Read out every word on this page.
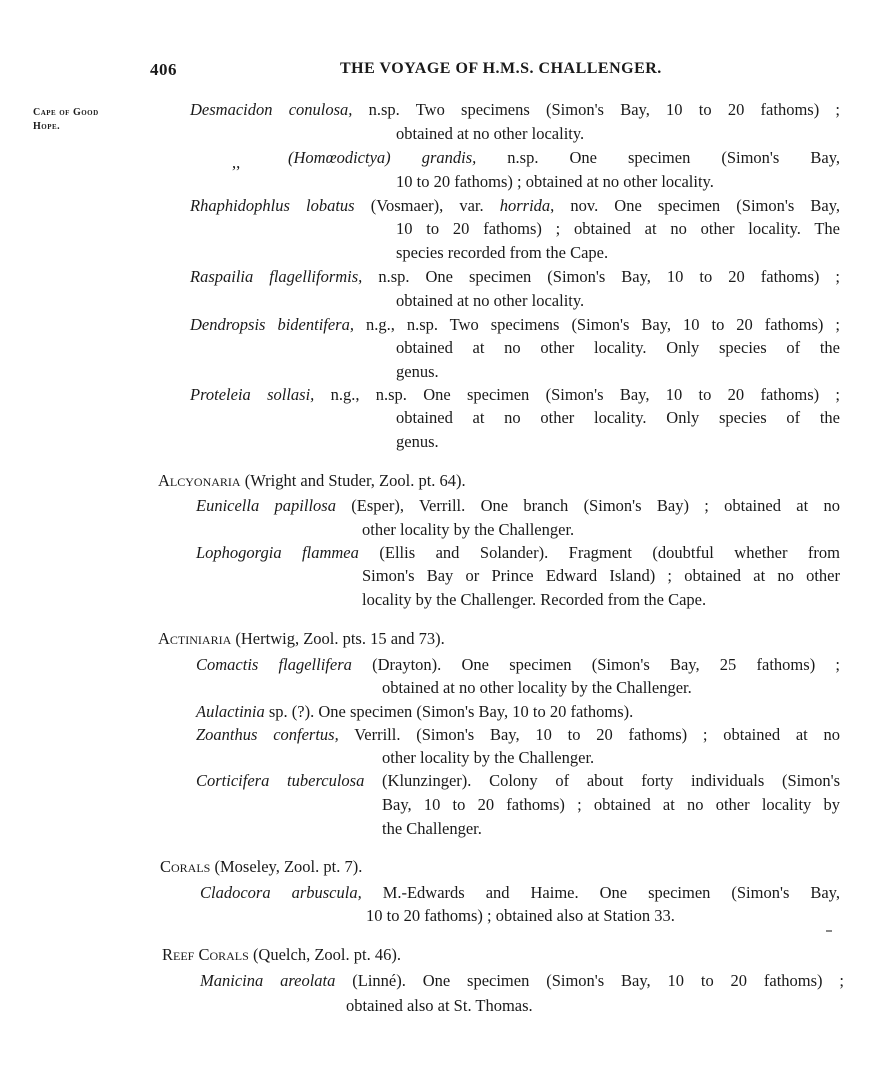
406	THE VOYAGE OF H.M.S. CHALLENGER.
Cape of Good
Hope.
Desmacidon conulosa, n.sp. Two specimens (Simon's Bay, 10 to 20 fathoms) ;
obtained at no other locality.
,,	(Homœodictya) grandis, n.sp. One specimen (Simon's Bay,
10 to 20 fathoms) ; obtained at no other locality.
Rhaphidophlus lobatus (Vosmaer), var. horrida, nov. One specimen (Simon's Bay,
10 to 20 fathoms) ; obtained at no other locality. The
species recorded from the Cape.
Raspailia flagelliformis, n.sp. One specimen (Simon's Bay, 10 to 20 fathoms) ;
obtained at no other locality.
Dendropsis bidentifera, n.g., n.sp. Two specimens (Simon's Bay, 10 to 20 fathoms) ;
obtained at no other locality. Only species of the
genus.
Proteleia sollasi, n.g., n.sp. One specimen (Simon's Bay, 10 to 20 fathoms) ;
obtained at no other locality. Only species of the
genus.
Alcyonaria (Wright and Studer, Zool. pt. 64).
Eunicella papillosa (Esper), Verrill. One branch (Simon's Bay) ; obtained at no
other locality by the Challenger.
Lophogorgia flammea (Ellis and Solander). Fragment (doubtful whether from
Simon's Bay or Prince Edward Island) ; obtained at no other
locality by the Challenger. Recorded from the Cape.
Actiniaria (Hertwig, Zool. pts. 15 and 73).
Comactis flagellifera (Drayton). One specimen (Simon's Bay, 25 fathoms) ;
obtained at no other locality by the Challenger.
Aulactinia sp. (?). One specimen (Simon's Bay, 10 to 20 fathoms).
Zoanthus confertus, Verrill. (Simon's Bay, 10 to 20 fathoms) ; obtained at no
other locality by the Challenger.
Corticifera tuberculosa (Klunzinger). Colony of about forty individuals (Simon's
Bay, 10 to 20 fathoms) ; obtained at no other locality by
the Challenger.
Corals (Moseley, Zool. pt. 7).
Cladocora arbuscula, M.-Edwards and Haime. One specimen (Simon's Bay,
10 to 20 fathoms) ; obtained also at Station 33.
Reef Corals (Quelch, Zool. pt. 46).
Manicina areolata (Linné). One specimen (Simon's Bay, 10 to 20 fathoms) ;
obtained also at St. Thomas.
